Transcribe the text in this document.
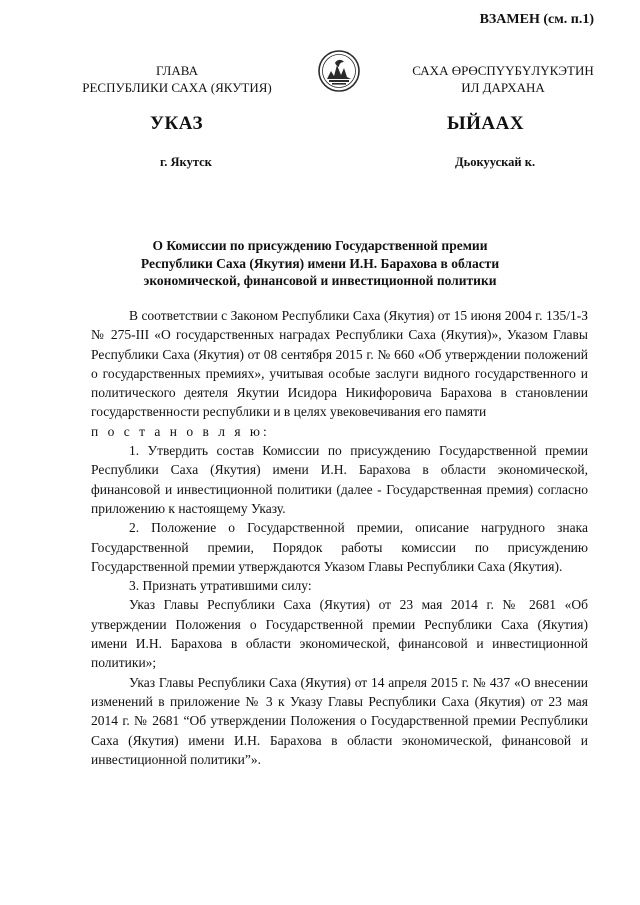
ВЗАМЕН (см. п.1)
ГЛАВА
РЕСПУБЛИКИ САХА (ЯКУТИЯ)
САХА ӨРӨСПҮҮБҮЛҮКЭТИН
ИЛ ДАРХАНА
УКАЗ	ЫЙААХ
г. Якутск	Дьокуускай к.
О Комиссии по присуждению Государственной премии
Республики Саха (Якутия) имени И.Н. Барахова в области
экономической, финансовой и инвестиционной политики

В соответствии с Законом Республики Саха (Якутия) от 15 июня 2004 г. 135/1-З № 275-III «О государственных наградах Республики Саха (Якутия)», Указом Главы Республики Саха (Якутия) от 08 сентября 2015 г. № 660 «Об утверждении положений о государственных премиях», учитывая особые заслуги видного государственного и политического деятеля Якутии Исидора Никифоровича Барахова в становлении государственности республики и в целях увековечивания его памяти

п о с т а н о в л я ю:

1. Утвердить состав Комиссии по присуждению Государственной премии Республики Саха (Якутия) имени И.Н. Барахова в области экономической, финансовой и инвестиционной политики (далее - Государственная премия) согласно приложению к настоящему Указу.

2. Положение о Государственной премии, описание нагрудного знака Государственной премии, Порядок работы комиссии по присуждению Государственной премии утверждаются Указом Главы Республики Саха (Якутия).

3. Признать утратившими силу:

Указ Главы Республики Саха (Якутия) от 23 мая 2014 г. № 2681 «Об утверждении Положения о Государственной премии Республики Саха (Якутия) имени И.Н. Барахова в области экономической, финансовой и инвестиционной политики»;

Указ Главы Республики Саха (Якутия) от 14 апреля 2015 г. № 437 «О внесении изменений в приложение № 3 к Указу Главы Республики Саха (Якутия) от 23 мая 2014 г. № 2681 “Об утверждении Положения о Государственной премии Республики Саха (Якутия) имени И.Н. Барахова в области экономической, финансовой и инвестиционной политики”».
